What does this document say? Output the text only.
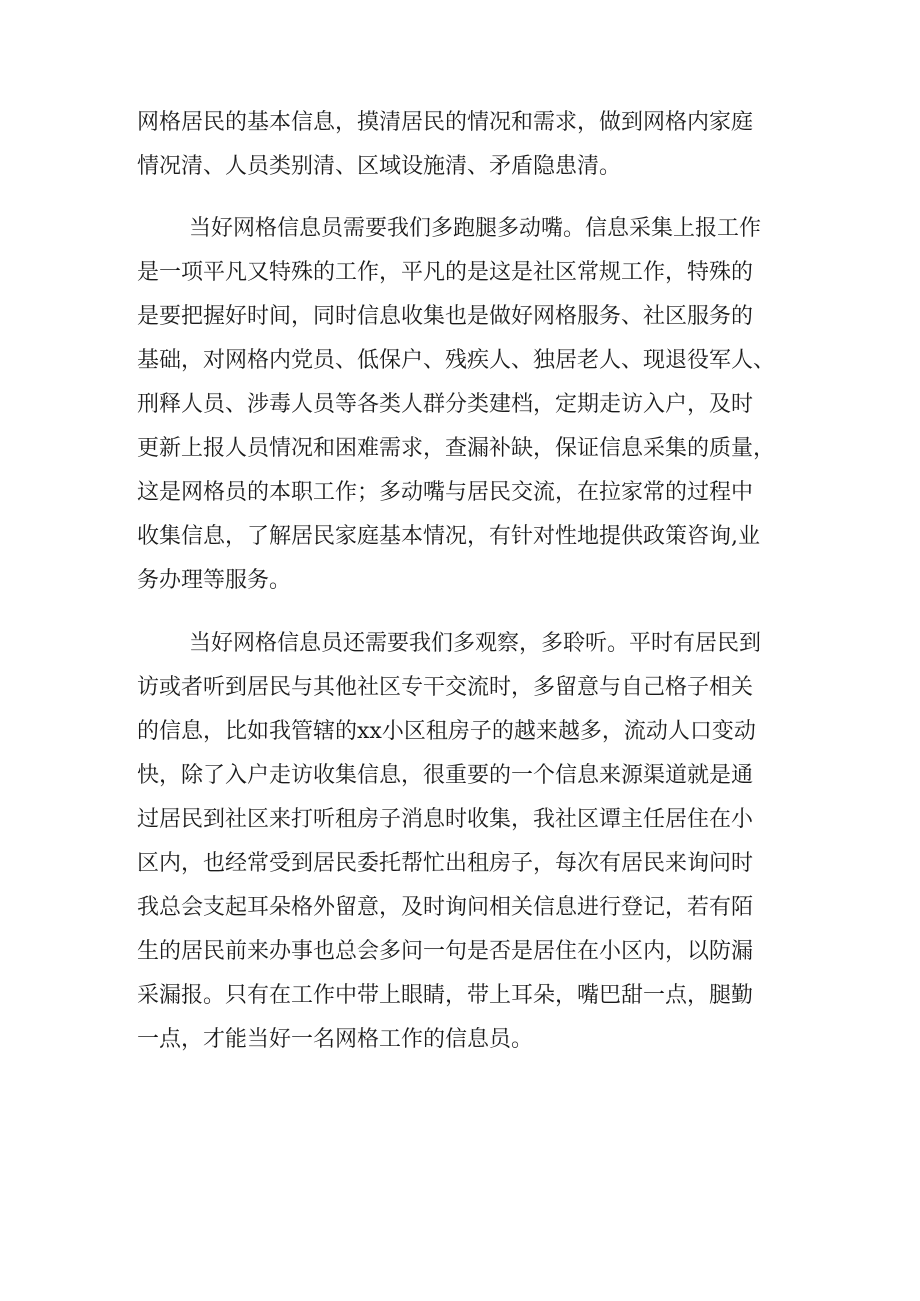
网格居民的基本信息，摸清居民的情况和需求，做到网格内家庭
情况清、人员类别清、区域设施清、矛盾隐患清。
当好网格信息员需要我们多跑腿多动嘴。信息采集上报工作
是一项平凡又特殊的工作，平凡的是这是社区常规工作，特殊的
是要把握好时间，同时信息收集也是做好网格服务、社区服务的
基础，对网格内党员、低保户、残疾人、独居老人、现退役军人、
刑释人员、涉毒人员等各类人群分类建档，定期走访入户，及时
更新上报人员情况和困难需求，查漏补缺，保证信息采集的质量，
这是网格员的本职工作；多动嘴与居民交流，在拉家常的过程中
收集信息，了解居民家庭基本情况，有针对性地提供政策咨询,业
务办理等服务。
当好网格信息员还需要我们多观察，多聆听。平时有居民到
访或者听到居民与其他社区专干交流时，多留意与自己格子相关
的信息，比如我管辖的xx小区租房子的越来越多，流动人口变动
快，除了入户走访收集信息，很重要的一个信息来源渠道就是通
过居民到社区来打听租房子消息时收集，我社区谭主任居住在小
区内，也经常受到居民委托帮忙出租房子，每次有居民来询问时
我总会支起耳朵格外留意，及时询问相关信息进行登记，若有陌
生的居民前来办事也总会多问一句是否是居住在小区内，以防漏
采漏报。只有在工作中带上眼睛，带上耳朵，嘴巴甜一点，腿勤
一点，才能当好一名网格工作的信息员。
